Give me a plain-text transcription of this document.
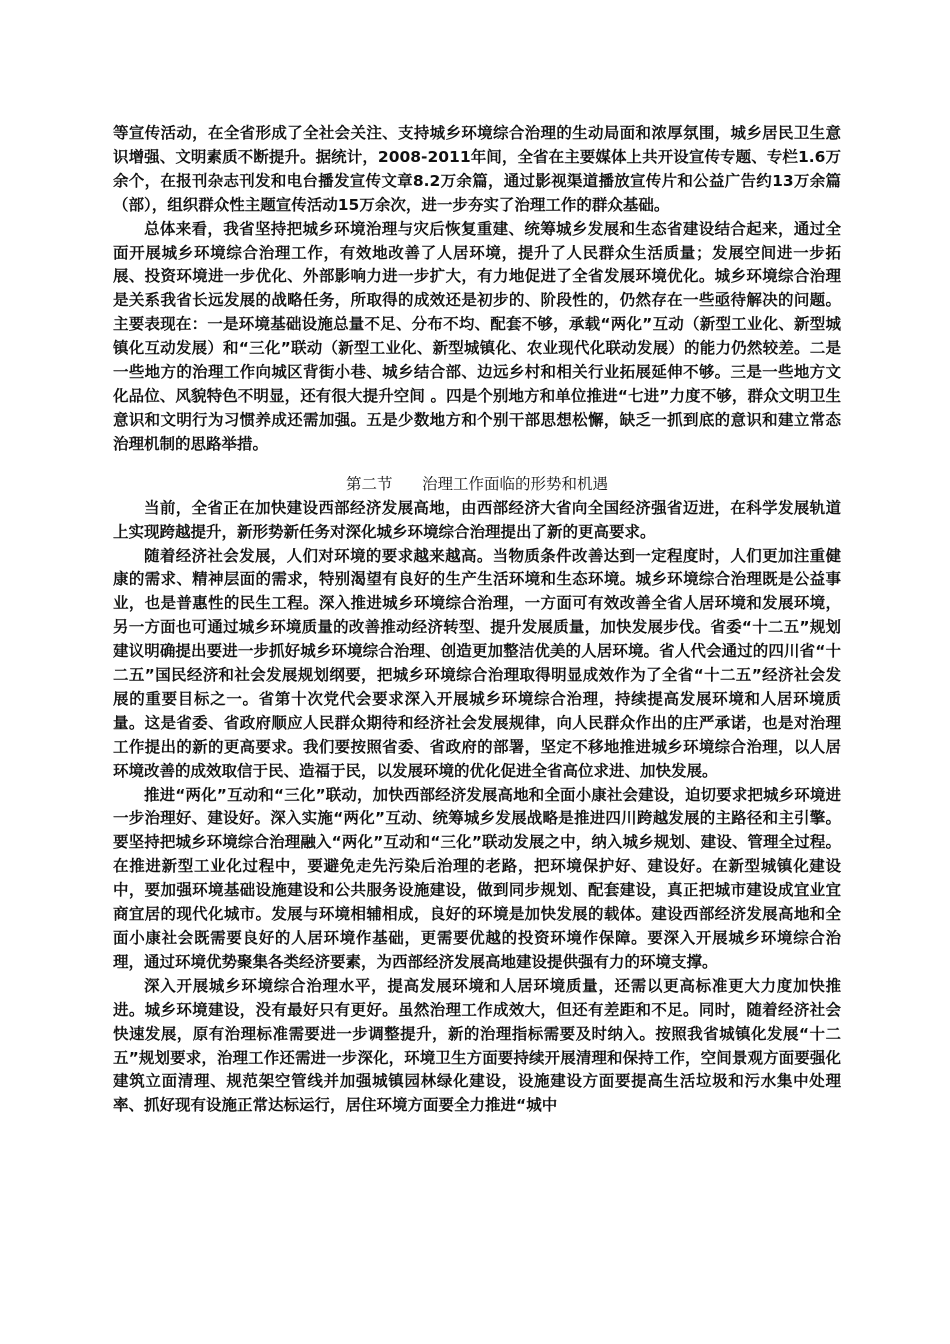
等宣传活动，在全省形成了全社会关注、支持城乡环境综合治理的生动局面和浓厚氛围，城乡居民卫生意识增强、文明素质不断提升。据统计，2008-2011年间，全省在主要媒体上共开设宣传专题、专栏1.6万余个，在报刊杂志刊发和电台播发宣传文章8.2万余篇，通过影视渠道播放宣传片和公益广告约13万余篇（部），组织群众性主题宣传活动15万余次，进一步夯实了治理工作的群众基础。

总体来看，我省坚持把城乡环境治理与灾后恢复重建、统筹城乡发展和生态省建设结合起来，通过全面开展城乡环境综合治理工作，有效地改善了人居环境，提升了人民群众生活质量；发展空间进一步拓展、投资环境进一步优化、外部影响力进一步扩大，有力地促进了全省发展环境优化。城乡环境综合治理是关系我省长远发展的战略任务，所取得的成效还是初步的、阶段性的，仍然存在一些亟待解决的问题。主要表现在：一是环境基础设施总量不足、分布不均、配套不够，承载“两化”互动（新型工业化、新型城镇化互动发展）和“三化”联动（新型工业化、新型城镇化、农业现代化联动发展）的能力仍然较差。二是一些地方的治理工作向城区背街小巷、城乡结合部、边远乡村和相关行业拓展延伸不够。三是一些地方文化品位、风貌特色不明显，还有很大提升空间 。四是个别地方和单位推进“七进”力度不够，群众文明卫生意识和文明行为习惯养成还需加强。五是少数地方和个别干部思想松懈，缺乏一抓到底的意识和建立常态治理机制的思路举措。

第二节      治理工作面临的形势和机遇

当前，全省正在加快建设西部经济发展高地，由西部经济大省向全国经济强省迈进，在科学发展轨道上实现跨越提升，新形势新任务对深化城乡环境综合治理提出了新的更高要求。

随着经济社会发展，人们对环境的要求越来越高。当物质条件改善达到一定程度时，人们更加注重健康的需求、精神层面的需求，特别渴望有良好的生产生活环境和生态环境。城乡环境综合治理既是公益事业，也是普惠性的民生工程。深入推进城乡环境综合治理，一方面可有效改善全省人居环境和发展环境，另一方面也可通过城乡环境质量的改善推动经济转型、提升发展质量，加快发展步伐。省委“十二五”规划建议明确提出要进一步抓好城乡环境综合治理、创造更加整洁优美的人居环境。省人代会通过的四川省“十二五”国民经济和社会发展规划纲要，把城乡环境综合治理取得明显成效作为了全省“十二五”经济社会发展的重要目标之一。省第十次党代会要求深入开展城乡环境综合治理，持续提高发展环境和人居环境质量。这是省委、省政府顺应人民群众期待和经济社会发展规律，向人民群众作出的庄严承诺，也是对治理工作提出的新的更高要求。我们要按照省委、省政府的部署，坚定不移地推进城乡环境综合治理，以人居环境改善的成效取信于民、造福于民，以发展环境的优化促进全省高位求进、加快发展。

推进“两化”互动和“三化”联动，加快西部经济发展高地和全面小康社会建设，迫切要求把城乡环境进一步治理好、建设好。深入实施“两化”互动、统筹城乡发展战略是推进四川跨越发展的主路径和主引擎。要坚持把城乡环境综合治理融入“两化”互动和“三化”联动发展之中，纳入城乡规划、建设、管理全过程。在推进新型工业化过程中，要避免走先污染后治理的老路，把环境保护好、建设好。在新型城镇化建设中，要加强环境基础设施建设和公共服务设施建设，做到同步规划、配套建设，真正把城市建设成宜业宜商宜居的现代化城市。发展与环境相辅相成，良好的环境是加快发展的载体。建设西部经济发展高地和全面小康社会既需要良好的人居环境作基础，更需要优越的投资环境作保障。要深入开展城乡环境综合治理，通过环境优势聚集各类经济要素，为西部经济发展高地建设提供强有力的环境支撑。

深入开展城乡环境综合治理水平，提高发展环境和人居环境质量，还需以更高标准更大力度加快推进。城乡环境建设，没有最好只有更好。虽然治理工作成效大，但还有差距和不足。同时，随着经济社会快速发展，原有治理标准需要进一步调整提升，新的治理指标需要及时纳入。按照我省城镇化发展“十二五”规划要求，治理工作还需进一步深化，环境卫生方面要持续开展清理和保持工作，空间景观方面要强化建筑立面清理、规范架空管线并加强城镇园林绿化建设，设施建设方面要提高生活垃圾和污水集中处理率、抓好现有设施正常达标运行，居住环境方面要全力推进“城中
